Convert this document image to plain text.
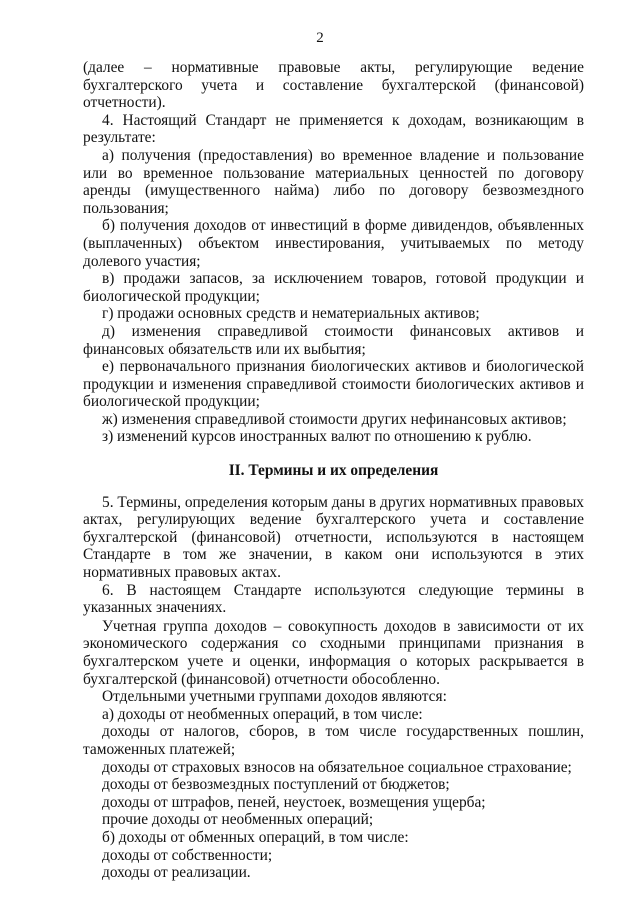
2

(далее – нормативные правовые акты, регулирующие ведение бухгалтерского учета и составление бухгалтерской (финансовой) отчетности).

4. Настоящий Стандарт не применяется к доходам, возникающим в результате:

а) получения (предоставления) во временное владение и пользование или во временное пользование материальных ценностей по договору аренды (имущественного найма) либо по договору безвозмездного пользования;

б) получения доходов от инвестиций в форме дивидендов, объявленных (выплаченных) объектом инвестирования, учитываемых по методу долевого участия;

в) продажи запасов, за исключением товаров, готовой продукции и биологической продукции;

г) продажи основных средств и нематериальных активов;

д) изменения справедливой стоимости финансовых активов и финансовых обязательств или их выбытия;

е) первоначального признания биологических активов и биологической продукции и изменения справедливой стоимости биологических активов и биологической продукции;

ж) изменения справедливой стоимости других нефинансовых активов;

з) изменений курсов иностранных валют по отношению к рублю.

II. Термины и их определения

5. Термины, определения которым даны в других нормативных правовых актах, регулирующих ведение бухгалтерского учета и составление бухгалтерской (финансовой) отчетности, используются в настоящем Стандарте в том же значении, в каком они используются в этих нормативных правовых актах.

6. В настоящем Стандарте используются следующие термины в указанных значениях.

Учетная группа доходов – совокупность доходов в зависимости от их экономического содержания со сходными принципами признания в бухгалтерском учете и оценки, информация о которых раскрывается в бухгалтерской (финансовой) отчетности обособленно.

Отдельными учетными группами доходов являются:

а) доходы от необменных операций, в том числе:

доходы от налогов, сборов, в том числе государственных пошлин, таможенных платежей;

доходы от страховых взносов на обязательное социальное страхование;

доходы от безвозмездных поступлений от бюджетов;

доходы от штрафов, пеней, неустоек, возмещения ущерба;

прочие доходы от необменных операций;

б) доходы от обменных операций, в том числе:

доходы от собственности;

доходы от реализации.
